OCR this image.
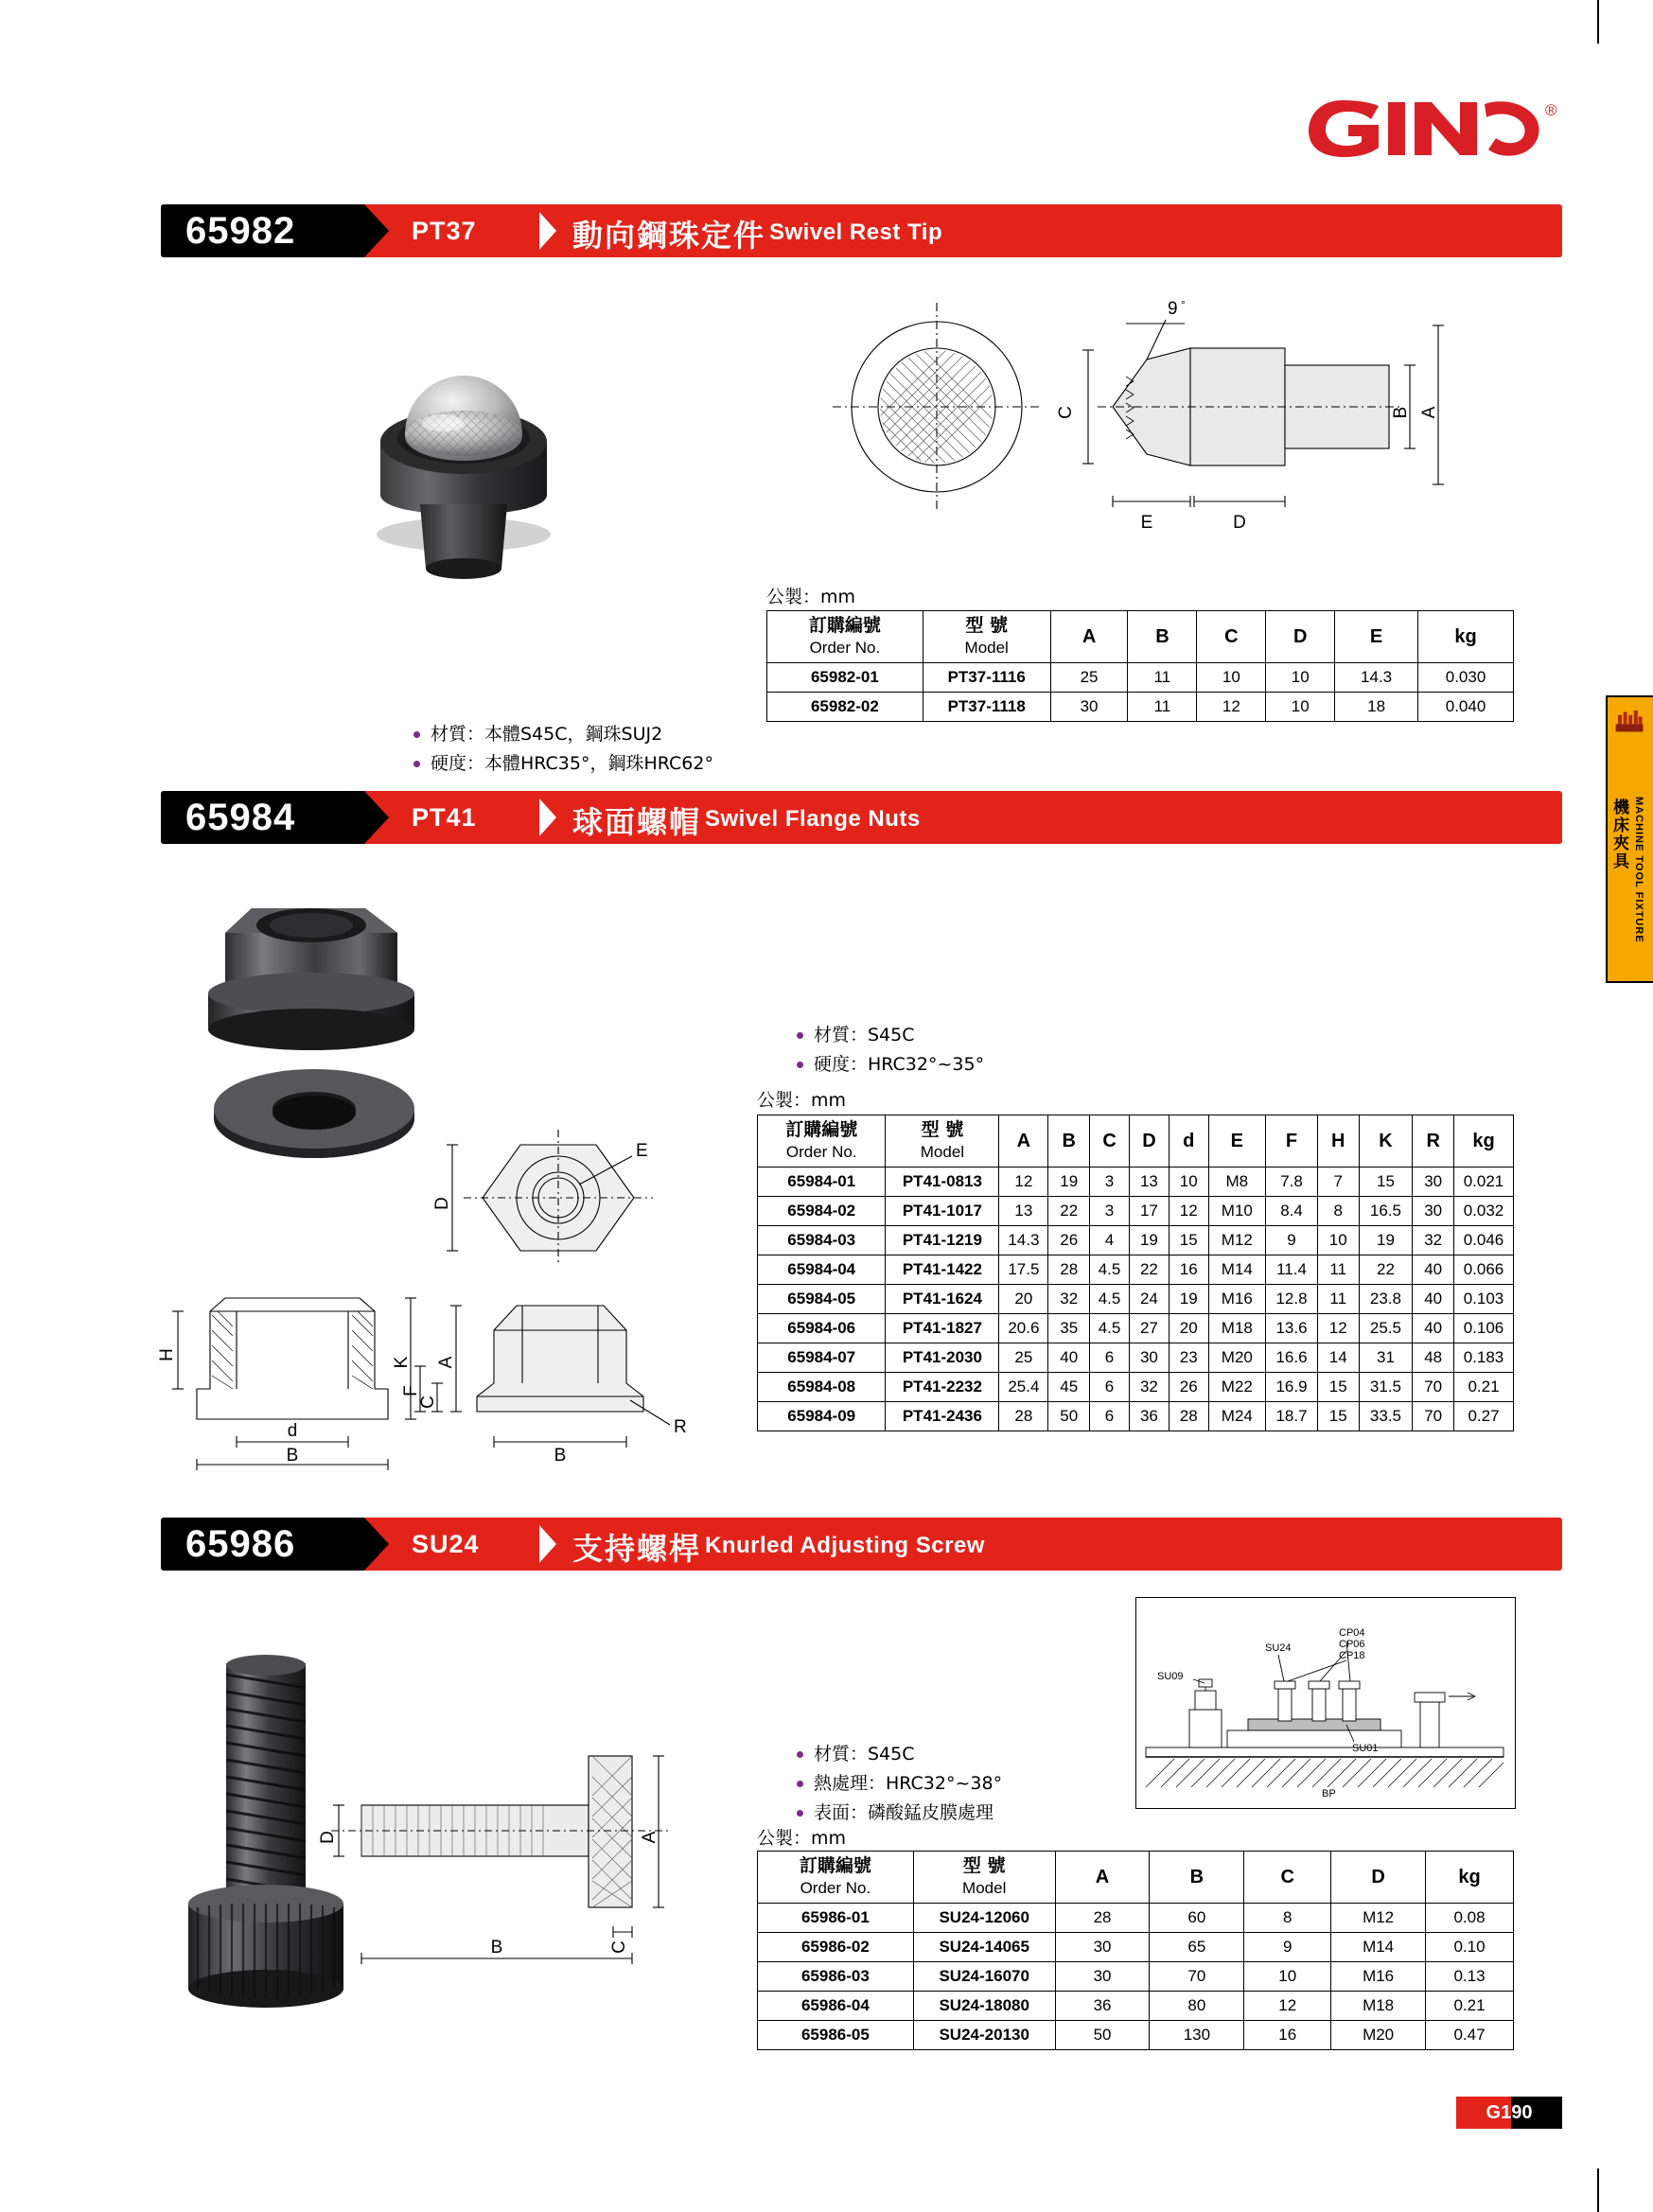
®
65982	PT37	動向鋼珠定件 Swivel Rest Tip
材質：本體S45C，鋼珠SUJ2
硬度：本體HRC35°，鋼珠HRC62°
9 °
C	B A
E	D
公製：mm
訂購編號
Order No.

型 號
Model
	A	B	C	D	E	kg
65982-01	PT37-1116	25	11	10	10	14.3	0.030
65982-02	PT37-1118	30	11	12	10	18	0.040
65984	PT41	球面螺帽 Swivel Flange Nuts
材質：S45C
硬度：HRC32°~35°
公製：mm
E
D
H
K
d
B
A
C
F
B
R
訂購編號
Order No.

型 號
Model
	A	B	C	D	d	E	F	H	K	R	kg
65984-01	PT41-0813	12	19	3	13	10	M8	7.8	7	15	30	0.021
65984-02	PT41-1017	13	22	3	17	12	M10	8.4	8	16.5	30	0.032
65984-03	PT41-1219	14.3	26	4	19	15	M12	9	10	19	32	0.046
65984-04	PT41-1422	17.5	28	4.5	22	16	M14	11.4	11	22	40	0.066
65984-05	PT41-1624	20	32	4.5	24	19	M16	12.8	11	23.8	40	0.103
65984-06	PT41-1827	20.6	35	4.5	27	20	M18	13.6	12	25.5	40	0.106
65984-07	PT41-2030	25	40	6	30	23	M20	16.6	14	31	48	0.183
65984-08	PT41-2232	25.4	45	6	32	26	M22	16.9	15	31.5	70	0.21
65984-09	PT41-2436	28	50	6	36	28	M24	18.7	15	33.5	70	0.27
65986	SU24	支持螺桿 Knurled Adjusting Screw
D	A
C
B
材質：S45C
熱處理：HRC32°~38°
表面：磷酸錳皮膜處理
公製：mm
SU24
CP04
CP06
CP18
SU09
SU01
BP
訂購編號
Order No.

型 號
Model
	A	B	C	D	kg
65986-01	SU24-12060	28	60	8	M12	0.08
65986-02	SU24-14065	30	65	9	M14	0.10
65986-03	SU24-16070	30	70	10	M16	0.13
65986-04	SU24-18080	36	80	12	M18	0.21
65986-05	SU24-20130	50	130	16	M20	0.47
機床夾具 MACHINE TOOL FIXTURE
G190
